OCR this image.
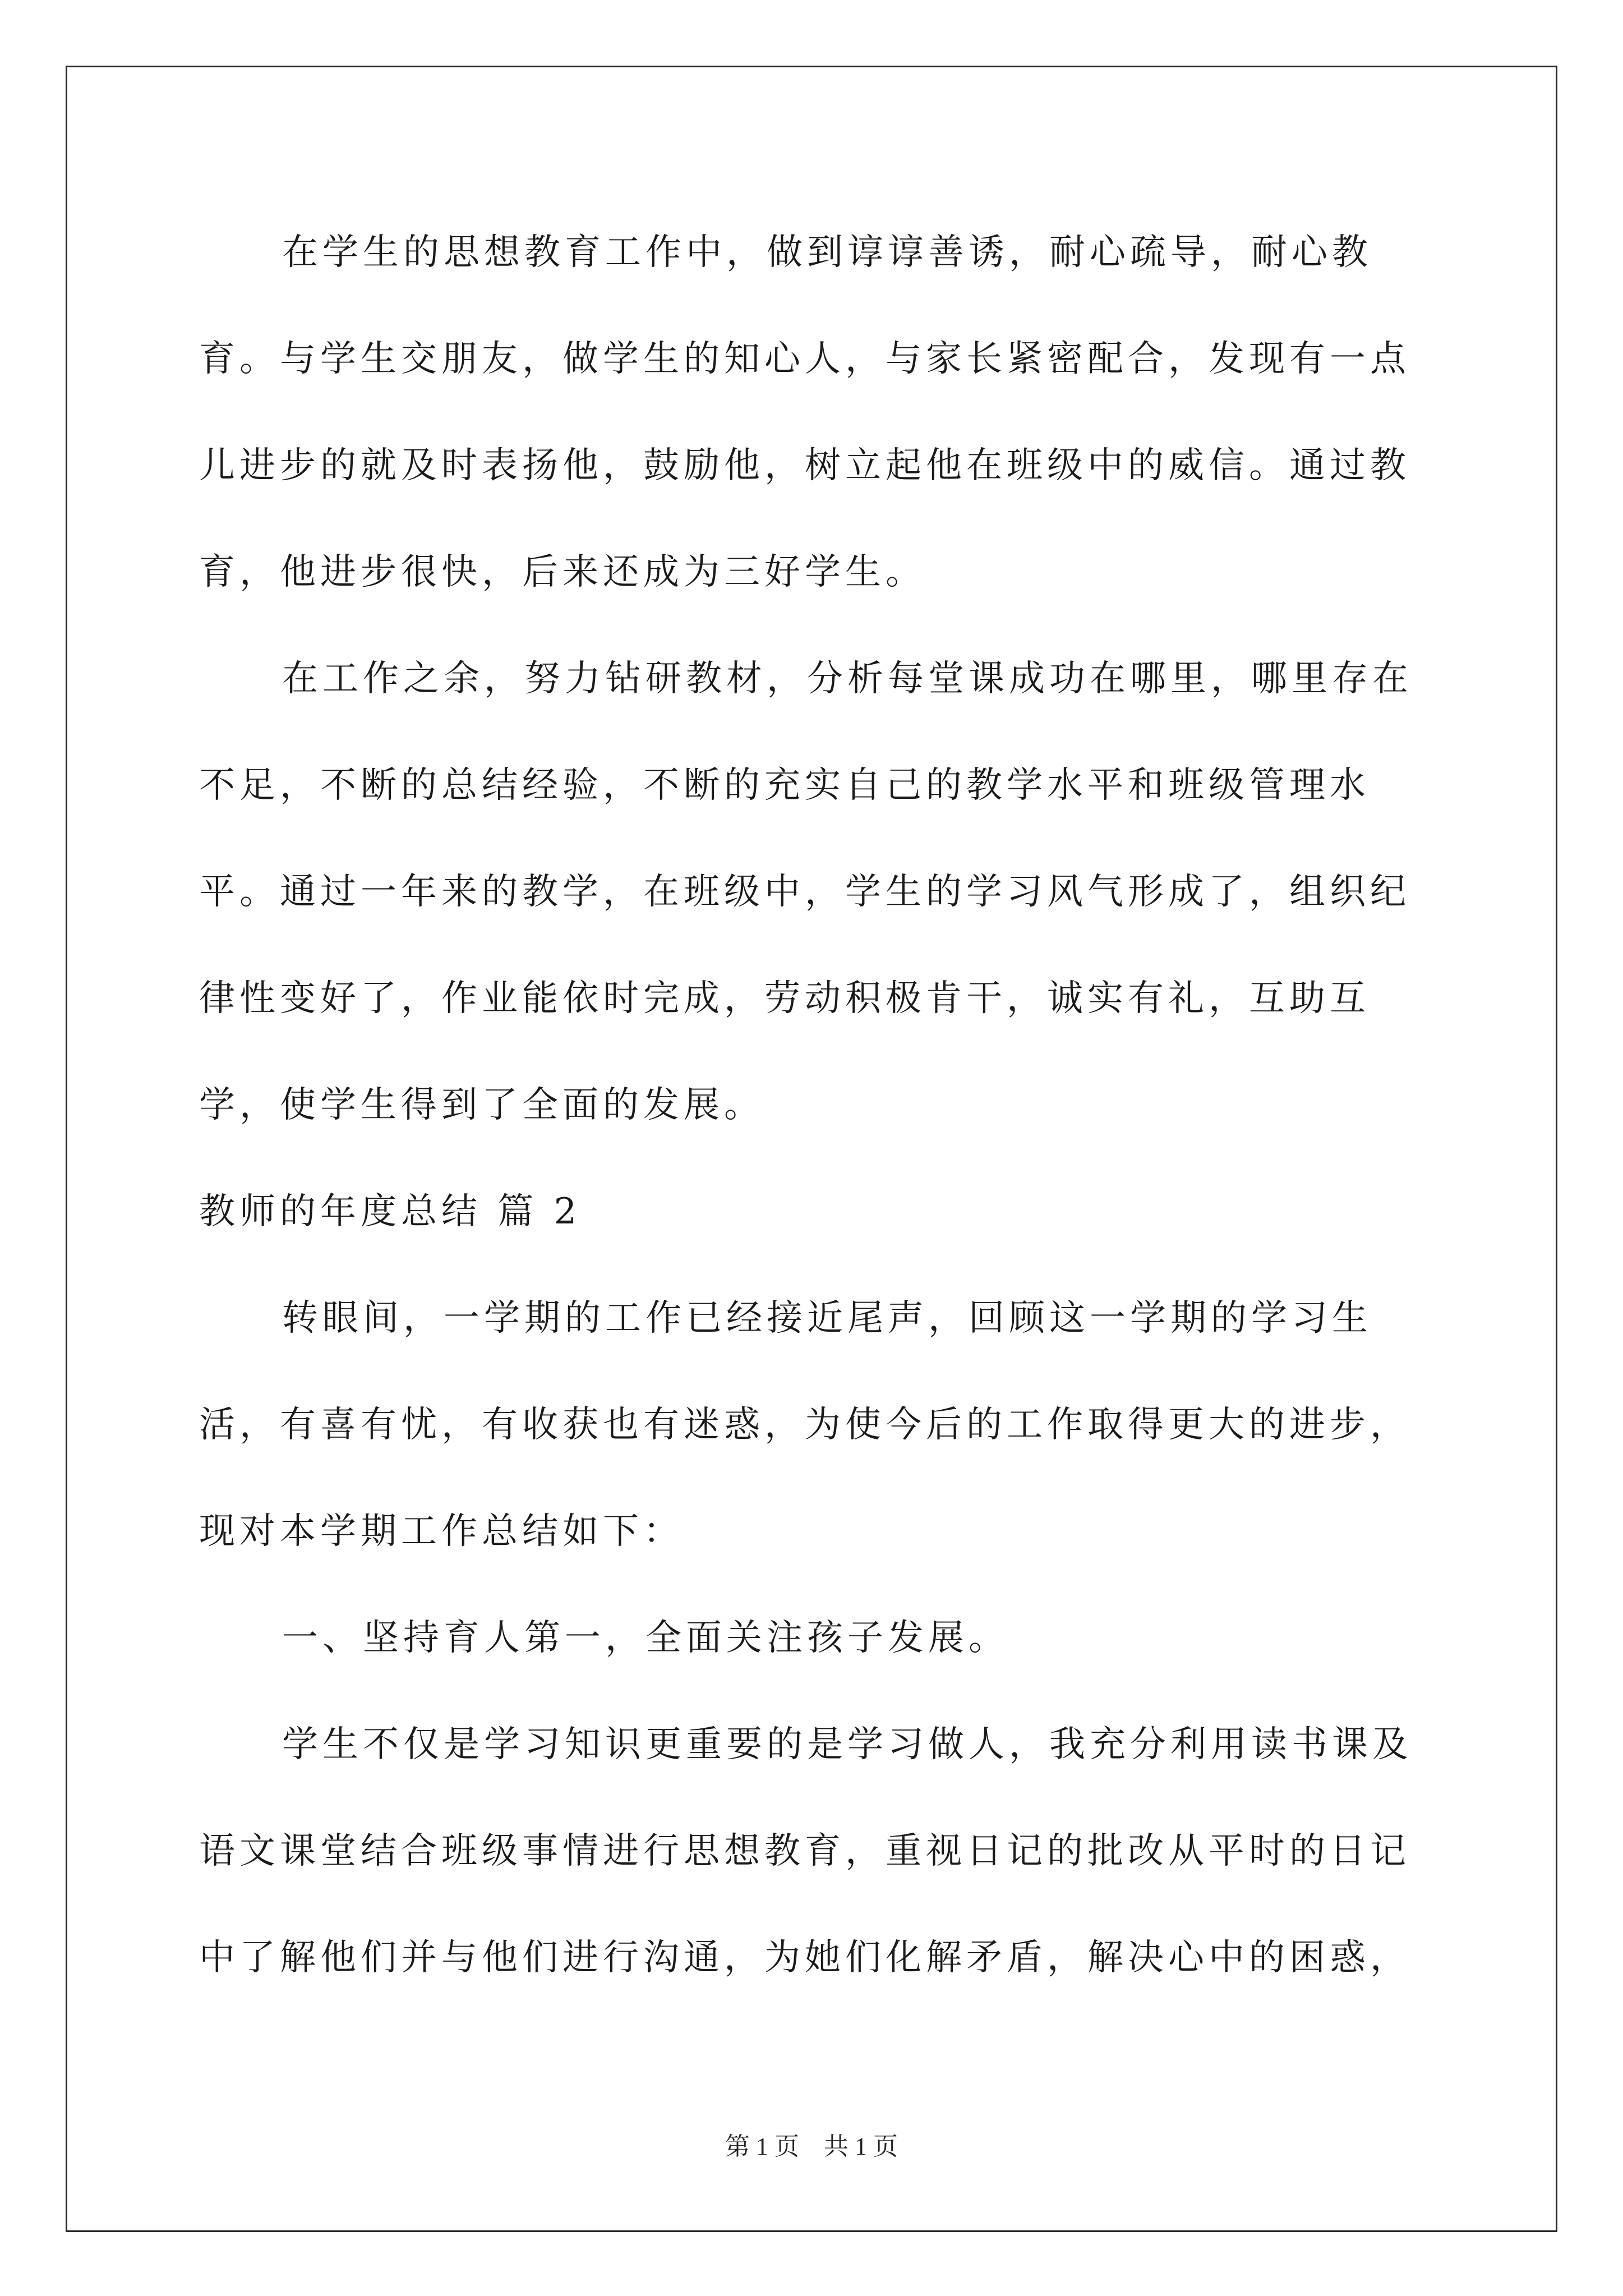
在学生的思想教育工作中，做到谆谆善诱，耐心疏导，耐心教育。与学生交朋友，做学生的知心人，与家长紧密配合，发现有一点儿进步的就及时表扬他，鼓励他，树立起他在班级中的威信。通过教育，他进步很快，后来还成为三好学生。

在工作之余，努力钻研教材，分析每堂课成功在哪里，哪里存在不足，不断的总结经验，不断的充实自己的教学水平和班级管理水平。通过一年来的教学，在班级中，学生的学习风气形成了，组织纪律性变好了，作业能依时完成，劳动积极肯干，诚实有礼，互助互学，使学生得到了全面的发展。

教师的年度总结 篇 2

转眼间，一学期的工作已经接近尾声，回顾这一学期的学习生活，有喜有忧，有收获也有迷惑，为使今后的工作取得更大的进步，现对本学期工作总结如下：

一、坚持育人第一，全面关注孩子发展。

学生不仅是学习知识更重要的是学习做人，我充分利用读书课及语文课堂结合班级事情进行思想教育，重视日记的批改从平时的日记中了解他们并与他们进行沟通，为她们化解矛盾，解决心中的困惑，

第 1 页 共 1 页
